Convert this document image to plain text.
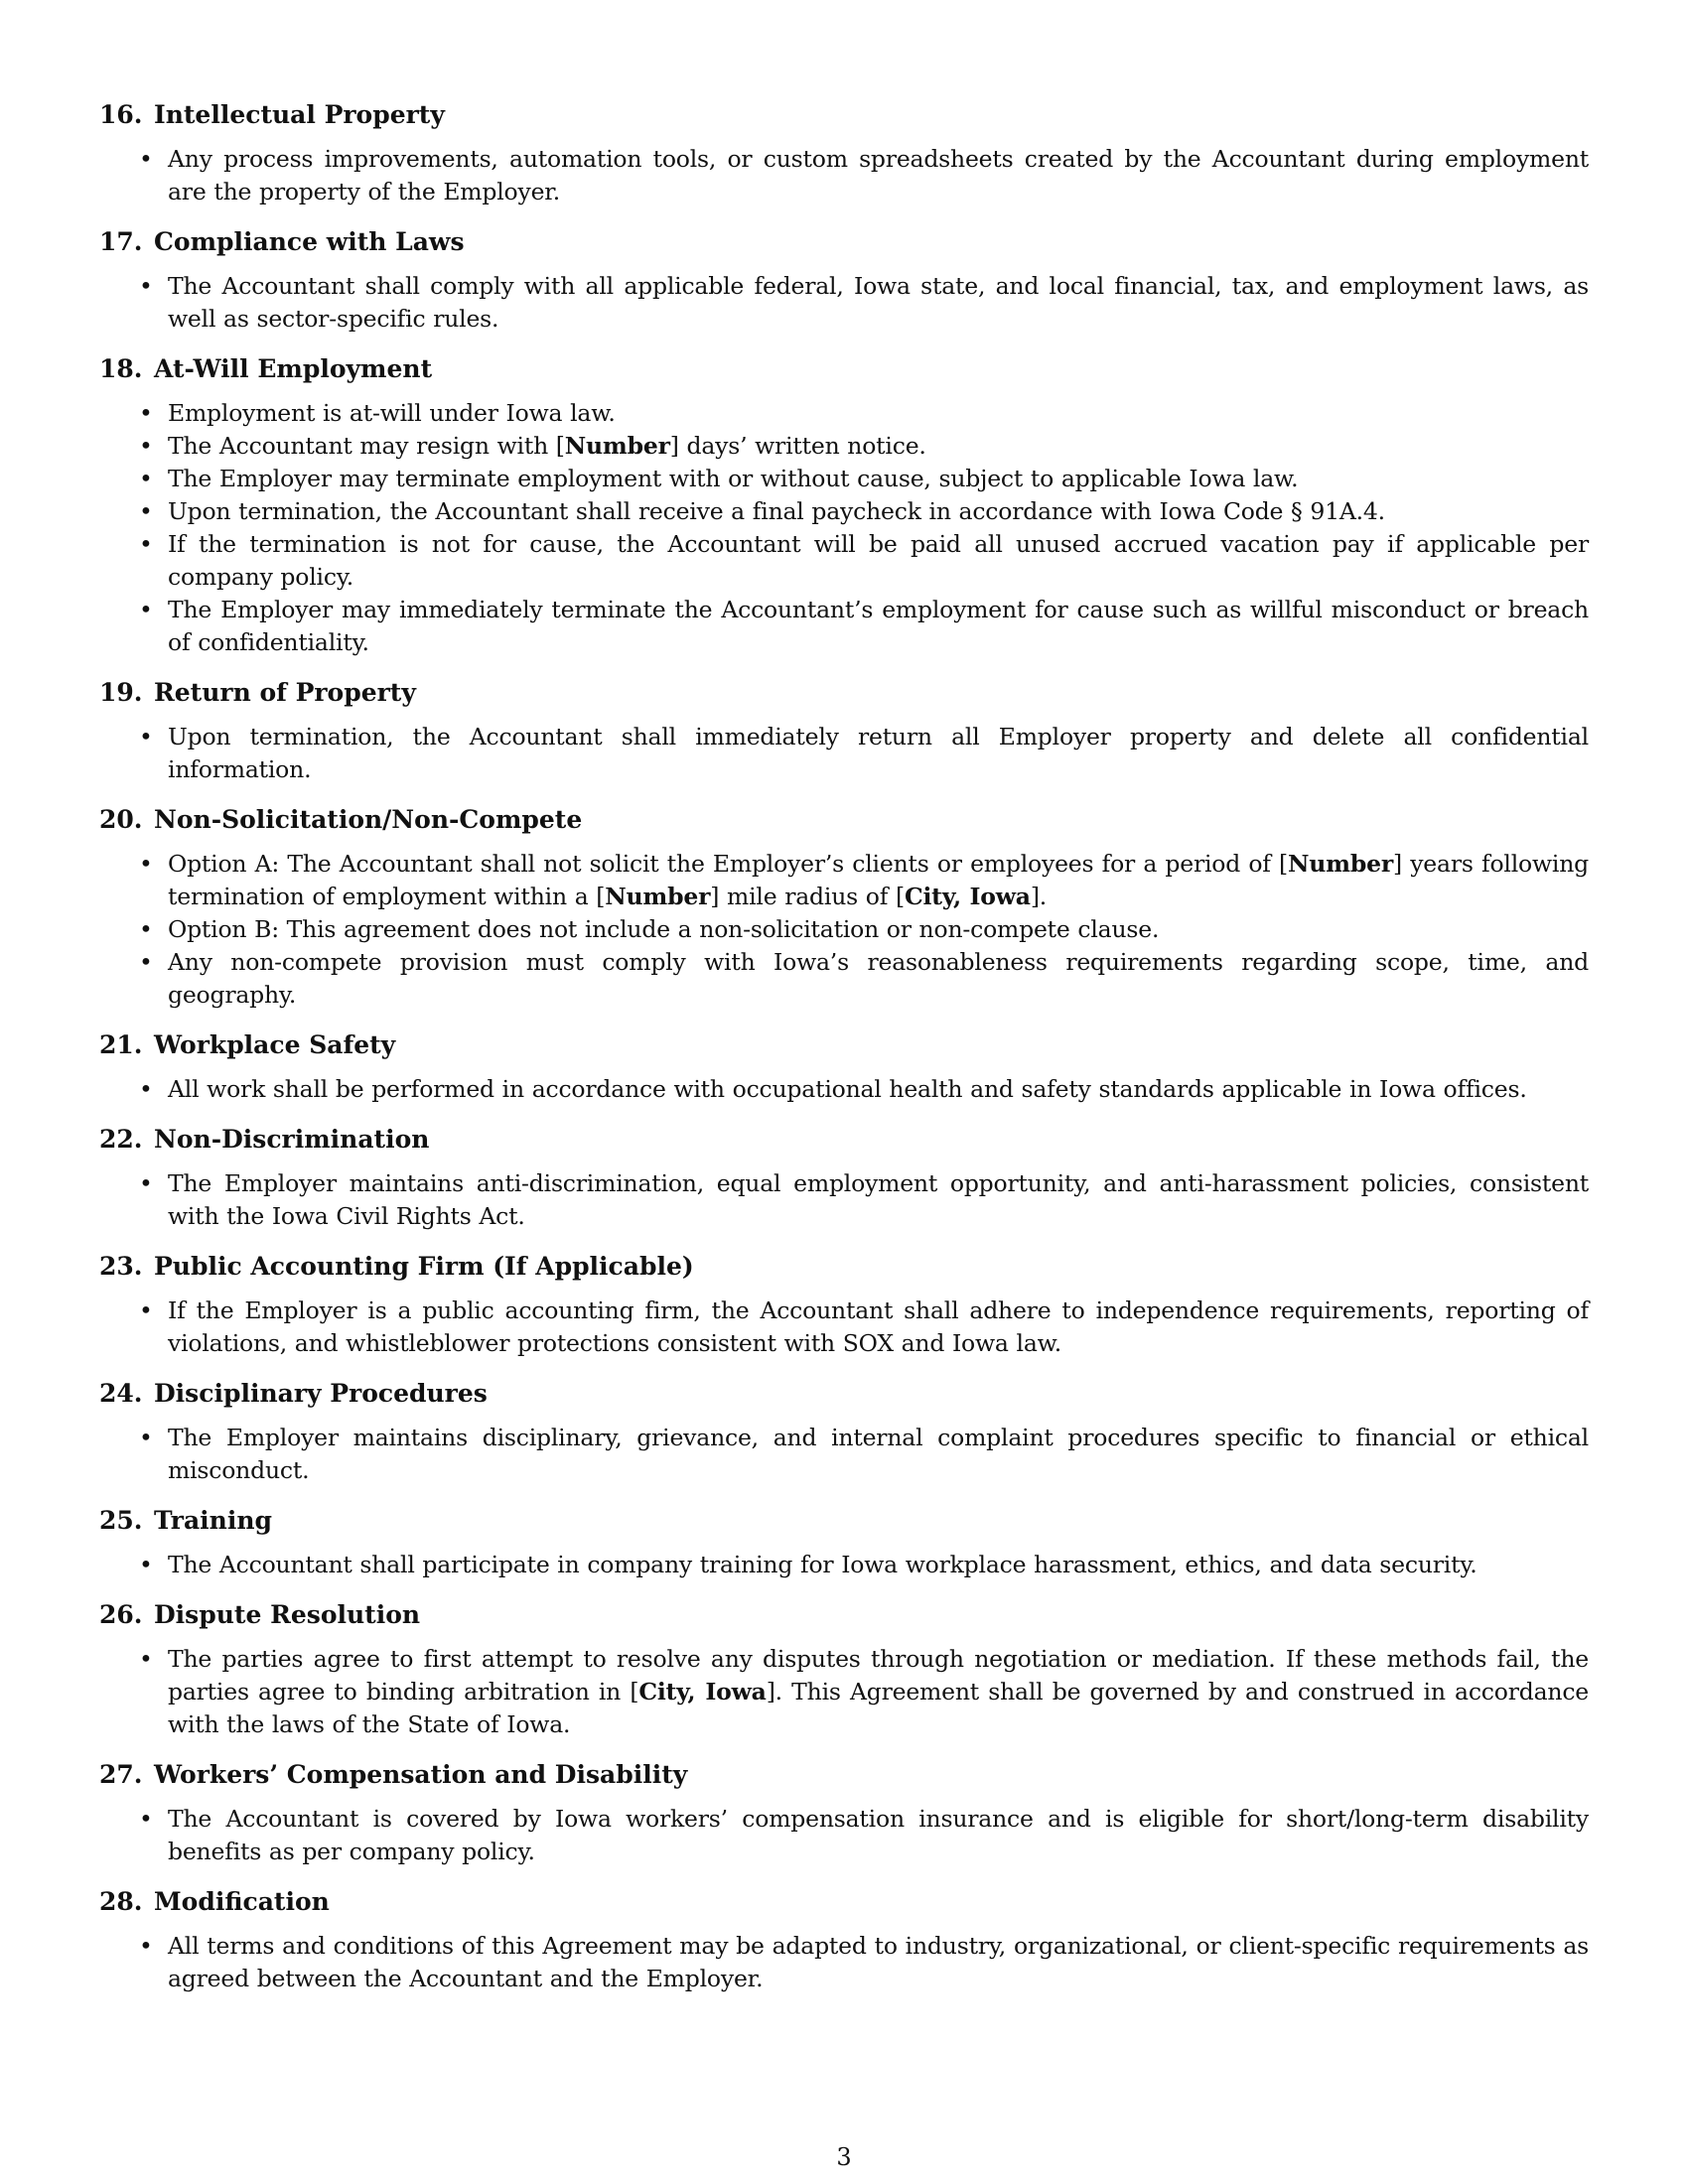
16. Intellectual Property
• Any process improvements, automation tools, or custom spreadsheets created by the Accountant during employment are the property of the Employer.
17. Compliance with Laws
• The Accountant shall comply with all applicable federal, Iowa state, and local financial, tax, and employment laws, as well as sector-specific rules.
18. At-Will Employment
• Employment is at-will under Iowa law.
• The Accountant may resign with [Number] days’ written notice.
• The Employer may terminate employment with or without cause, subject to applicable Iowa law.
• Upon termination, the Accountant shall receive a final paycheck in accordance with Iowa Code § 91A.4.
• If the termination is not for cause, the Accountant will be paid all unused accrued vacation pay if applicable per company policy.
• The Employer may immediately terminate the Accountant’s employment for cause such as willful misconduct or breach of confidentiality.
19. Return of Property
• Upon termination, the Accountant shall immediately return all Employer property and delete all confidential information.
20. Non-Solicitation/Non-Compete
• Option A: The Accountant shall not solicit the Employer’s clients or employees for a period of [Number] years following termination of employment within a [Number] mile radius of [City, Iowa].
• Option B: This agreement does not include a non-solicitation or non-compete clause.
• Any non-compete provision must comply with Iowa’s reasonableness requirements regarding scope, time, and geography.
21. Workplace Safety
• All work shall be performed in accordance with occupational health and safety standards applicable in Iowa offices.
22. Non-Discrimination
• The Employer maintains anti-discrimination, equal employment opportunity, and anti-harassment policies, consistent with the Iowa Civil Rights Act.
23. Public Accounting Firm (If Applicable)
• If the Employer is a public accounting firm, the Accountant shall adhere to independence requirements, reporting of violations, and whistleblower protections consistent with SOX and Iowa law.
24. Disciplinary Procedures
• The Employer maintains disciplinary, grievance, and internal complaint procedures specific to financial or ethical misconduct.
25. Training
• The Accountant shall participate in company training for Iowa workplace harassment, ethics, and data security.
26. Dispute Resolution
• The parties agree to first attempt to resolve any disputes through negotiation or mediation. If these methods fail, the parties agree to binding arbitration in [City, Iowa]. This Agreement shall be governed by and construed in accordance with the laws of the State of Iowa.
27. Workers’ Compensation and Disability
• The Accountant is covered by Iowa workers’ compensation insurance and is eligible for short/long-term disability benefits as per company policy.
28. Modification
• All terms and conditions of this Agreement may be adapted to industry, organizational, or client-specific requirements as agreed between the Accountant and the Employer.
3
